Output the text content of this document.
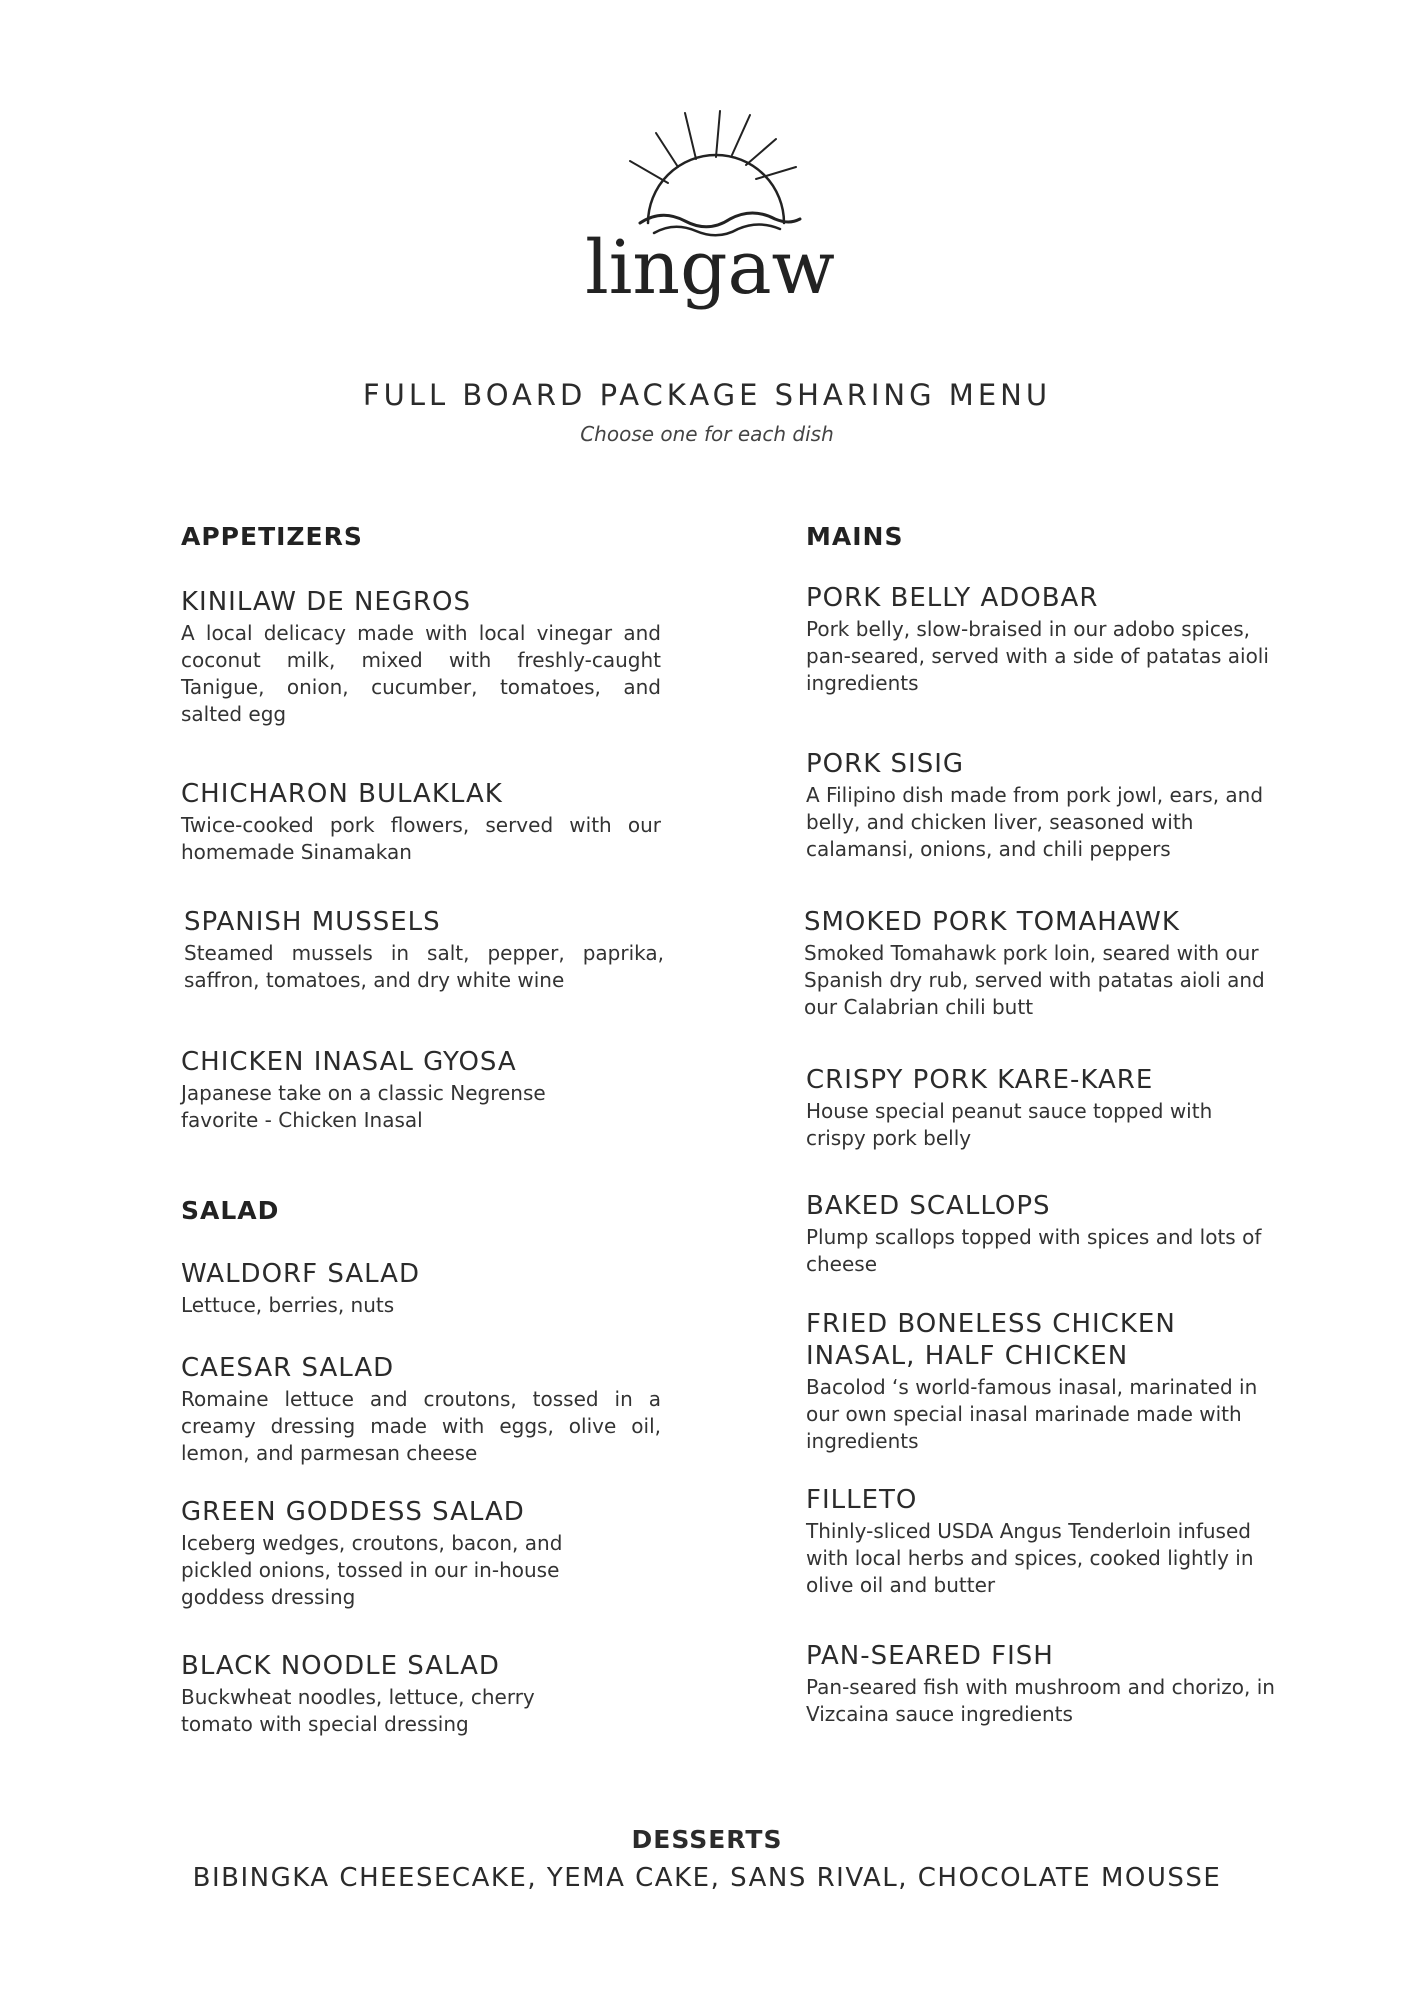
lingaw
FULL BOARD PACKAGE SHARING MENU
Choose one for each dish
APPETIZERS
KINILAW DE NEGROS
A local delicacy made with local vinegar and coconut milk, mixed with freshly-caught Tanigue, onion, cucumber, tomatoes, and salted egg
CHICHARON BULAKLAK
Twice-cooked pork flowers, served with our homemade Sinamakan
SPANISH MUSSELS
Steamed mussels in salt, pepper, paprika, saffron, tomatoes, and dry white wine
CHICKEN INASAL GYOSA
Japanese take on a classic Negrense favorite - Chicken Inasal
SALAD
WALDORF SALAD
Lettuce, berries, nuts
CAESAR SALAD
Romaine lettuce and croutons, tossed in a creamy dressing made with eggs, olive oil, lemon, and parmesan cheese
GREEN GODDESS SALAD
Iceberg wedges, croutons, bacon, and pickled onions, tossed in our in-house goddess dressing
BLACK NOODLE SALAD
Buckwheat noodles, lettuce, cherry tomato with special dressing
MAINS
PORK BELLY ADOBAR
Pork belly, slow-braised in our adobo spices, pan-seared, served with a side of patatas aioli ingredients
PORK SISIG
A Filipino dish made from pork jowl, ears, and belly, and chicken liver, seasoned with calamansi, onions, and chili peppers
SMOKED PORK TOMAHAWK
Smoked Tomahawk pork loin, seared with our Spanish dry rub, served with patatas aioli and our Calabrian chili butt
CRISPY PORK KARE-KARE
House special peanut sauce topped with crispy pork belly
BAKED SCALLOPS
Plump scallops topped with spices and lots of cheese
FRIED BONELESS CHICKEN INASAL, HALF CHICKEN
Bacolod ‘s world-famous inasal, marinated in our own special inasal marinade made with ingredients
FILLETO
Thinly-sliced USDA Angus Tenderloin infused with local herbs and spices, cooked lightly in olive oil and butter
PAN-SEARED FISH
Pan-seared fish with mushroom and chorizo, in Vizcaina sauce ingredients
DESSERTS
BIBINGKA CHEESECAKE, YEMA CAKE, SANS RIVAL, CHOCOLATE MOUSSE
